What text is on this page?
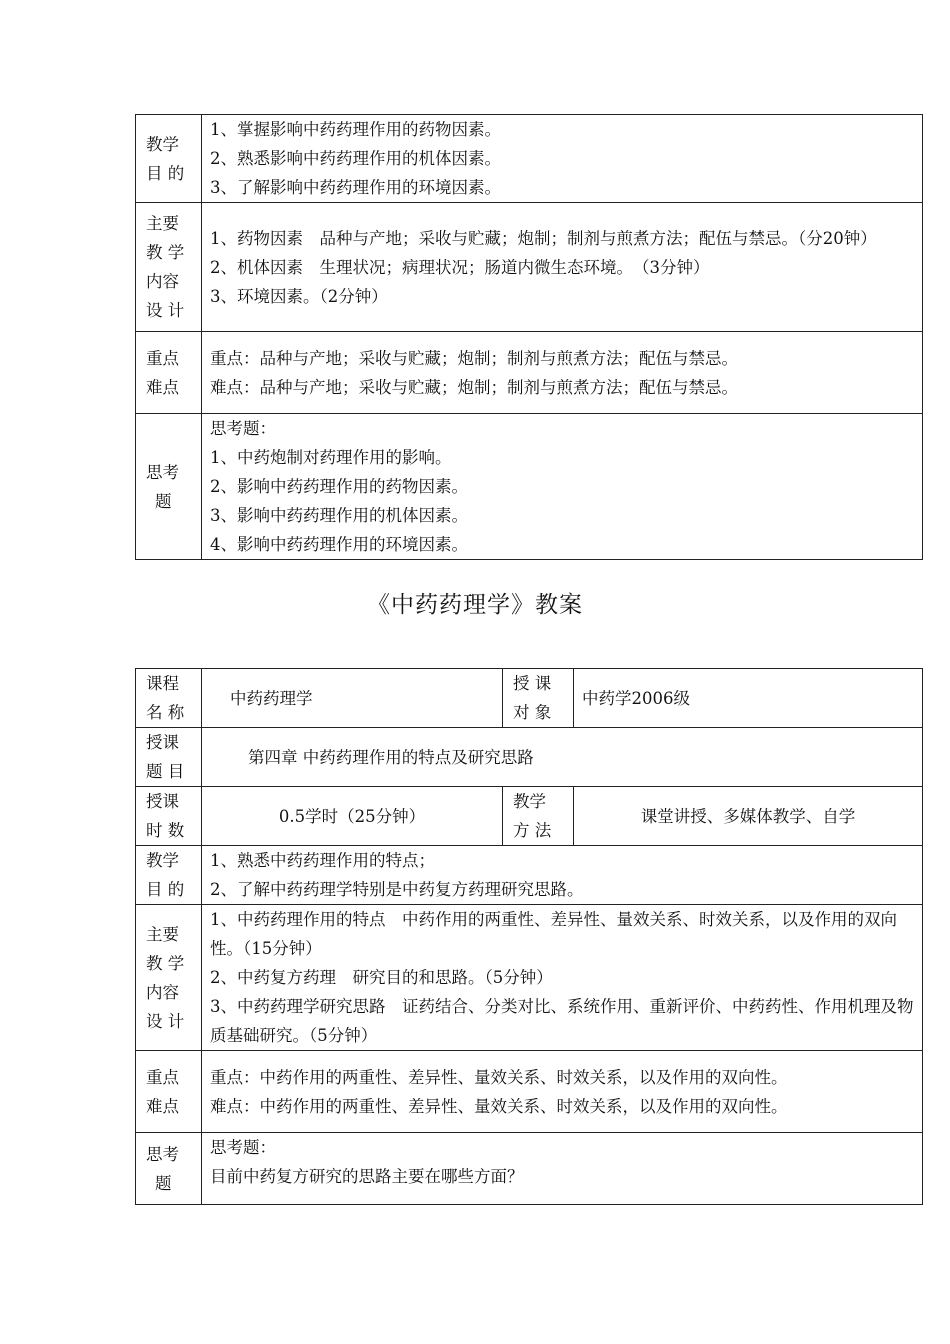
教学
目 的	1、掌握影响中药药理作用的药物因素。
2、熟悉影响中药药理作用的机体因素。
3、了解影响中药药理作用的环境因素。

主要
教 学
内容
设 计	1、药物因素　品种与产地；采收与贮藏；炮制；制剂与煎煮方法；配伍与禁忌。（分20钟）
2、机体因素　生理状况；病理状况；肠道内微生态环境。　（3分钟）
3、环境因素。（2分钟）

重点
难点	重点：品种与产地；采收与贮藏；炮制；制剂与煎煮方法；配伍与禁忌。
难点：品种与产地；采收与贮藏；炮制；制剂与煎煮方法；配伍与禁忌。

思考
题	思考题：
1、中药炮制对药理作用的影响。
2、影响中药药理作用的药物因素。
3、影响中药药理作用的机体因素。
4、影响中药药理作用的环境因素。
《中药药理学》教案
课程
名 称	中药药理学	授 课
对 象	中药学2006级

授课
题 目	第四章 中药药理作用的特点及研究思路		

授课
时 数	0.5学时（25分钟）	教学
方 法	课堂讲授、多媒体教学、自学

教学
目 的	1、熟悉中药药理作用的特点；
2、了解中药药理学特别是中药复方药理研究思路。		

主要
教 学
内容
设 计	1、中药药理作用的特点　中药作用的两重性、差异性、量效关系、时效关系，以及作用的双向性。（15分钟）
2、中药复方药理　研究目的和思路。（5分钟）
3、中药药理学研究思路　证药结合、分类对比、系统作用、重新评价、中药药性、作用机理及物质基础研究。（5分钟）		

重点
难点	重点：中药作用的两重性、差异性、量效关系、时效关系，以及作用的双向性。
难点：中药作用的两重性、差异性、量效关系、时效关系，以及作用的双向性。		

思考
题	思考题：
目前中药复方研究的思路主要在哪些方面？		
